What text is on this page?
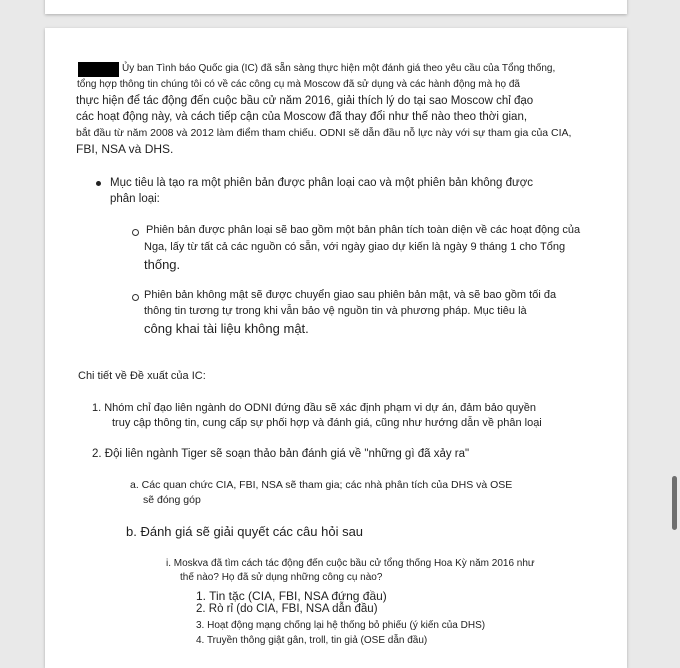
Ủy ban Tình báo Quốc gia (IC) đã sẵn sàng thực hiện một đánh giá theo yêu cầu của Tổng thống,
tổng hợp thông tin chúng tôi có về các công cụ mà Moscow đã sử dụng và các hành động mà họ đã
thực hiện để tác động đến cuộc bầu cử năm 2016, giải thích lý do tại sao Moscow chỉ đạo
các hoạt động này, và cách tiếp cận của Moscow đã thay đổi như thế nào theo thời gian,
bắt đầu từ năm 2008 và 2012 làm điểm tham chiếu. ODNI sẽ dẫn đầu nỗ lực này với sự tham gia của CIA,
FBI, NSA và DHS.
Mục tiêu là tạo ra một phiên bản được phân loại cao và một phiên bản không được
phân loại:
Phiên bản được phân loại sẽ bao gồm một bản phân tích toàn diện về các hoạt động của
Nga, lấy từ tất cả các nguồn có sẵn, với ngày giao dự kiến là ngày 9 tháng 1 cho Tổng
thống.
Phiên bản không mật sẽ được chuyển giao sau phiên bản mật, và sẽ bao gồm tối đa
thông tin tương tự trong khi vẫn bảo vệ nguồn tin và phương pháp. Mục tiêu là
công khai tài liệu không mật.
Chi tiết về Đề xuất của IC:
1. Nhóm chỉ đạo liên ngành do ODNI đứng đầu sẽ xác định phạm vi dự án, đảm bảo quyền
truy cập thông tin, cung cấp sự phối hợp và đánh giá, cũng như hướng dẫn về phân loại
2. Đội liên ngành Tiger sẽ soạn thảo bản đánh giá về "những gì đã xảy ra"
a. Các quan chức CIA, FBI, NSA sẽ tham gia; các nhà phân tích của DHS và OSE
sẽ đóng góp
b. Đánh giá sẽ giải quyết các câu hỏi sau
i. Moskva đã tìm cách tác động đến cuộc bầu cử tổng thống Hoa Kỳ năm 2016 như
thế nào? Họ đã sử dụng những công cụ nào?
1. Tin tặc (CIA, FBI, NSA đứng đầu)
2. Rò rỉ (do CIA, FBI, NSA dẫn đầu)
3. Hoạt động mạng chống lại hệ thống bỏ phiếu (ý kiến của DHS)
4. Truyền thông giật gân, troll, tin giả (OSE dẫn đầu)
